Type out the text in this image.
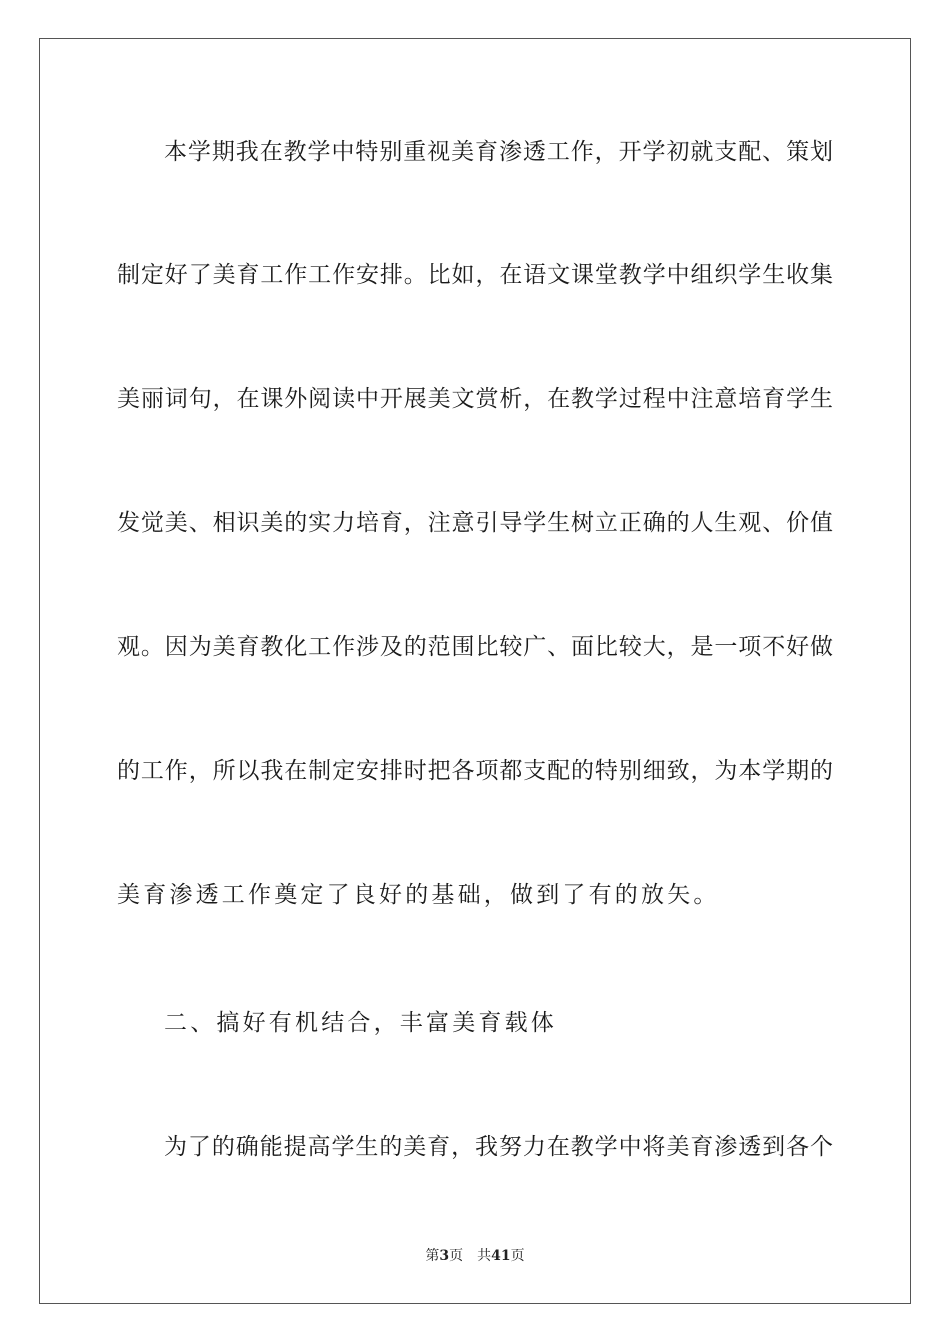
本学期我在教学中特别重视美育渗透工作，开学初就支配、策划
制定好了美育工作工作安排。比如，在语文课堂教学中组织学生收集
美丽词句，在课外阅读中开展美文赏析，在教学过程中注意培育学生
发觉美、相识美的实力培育，注意引导学生树立正确的人生观、价值
观。因为美育教化工作涉及的范围比较广、面比较大，是一项不好做
的工作，所以我在制定安排时把各项都支配的特别细致，为本学期的
美育渗透工作奠定了良好的基础，做到了有的放矢。
二、搞好有机结合，丰富美育载体
为了的确能提高学生的美育，我努力在教学中将美育渗透到各个
第3页 共41页
